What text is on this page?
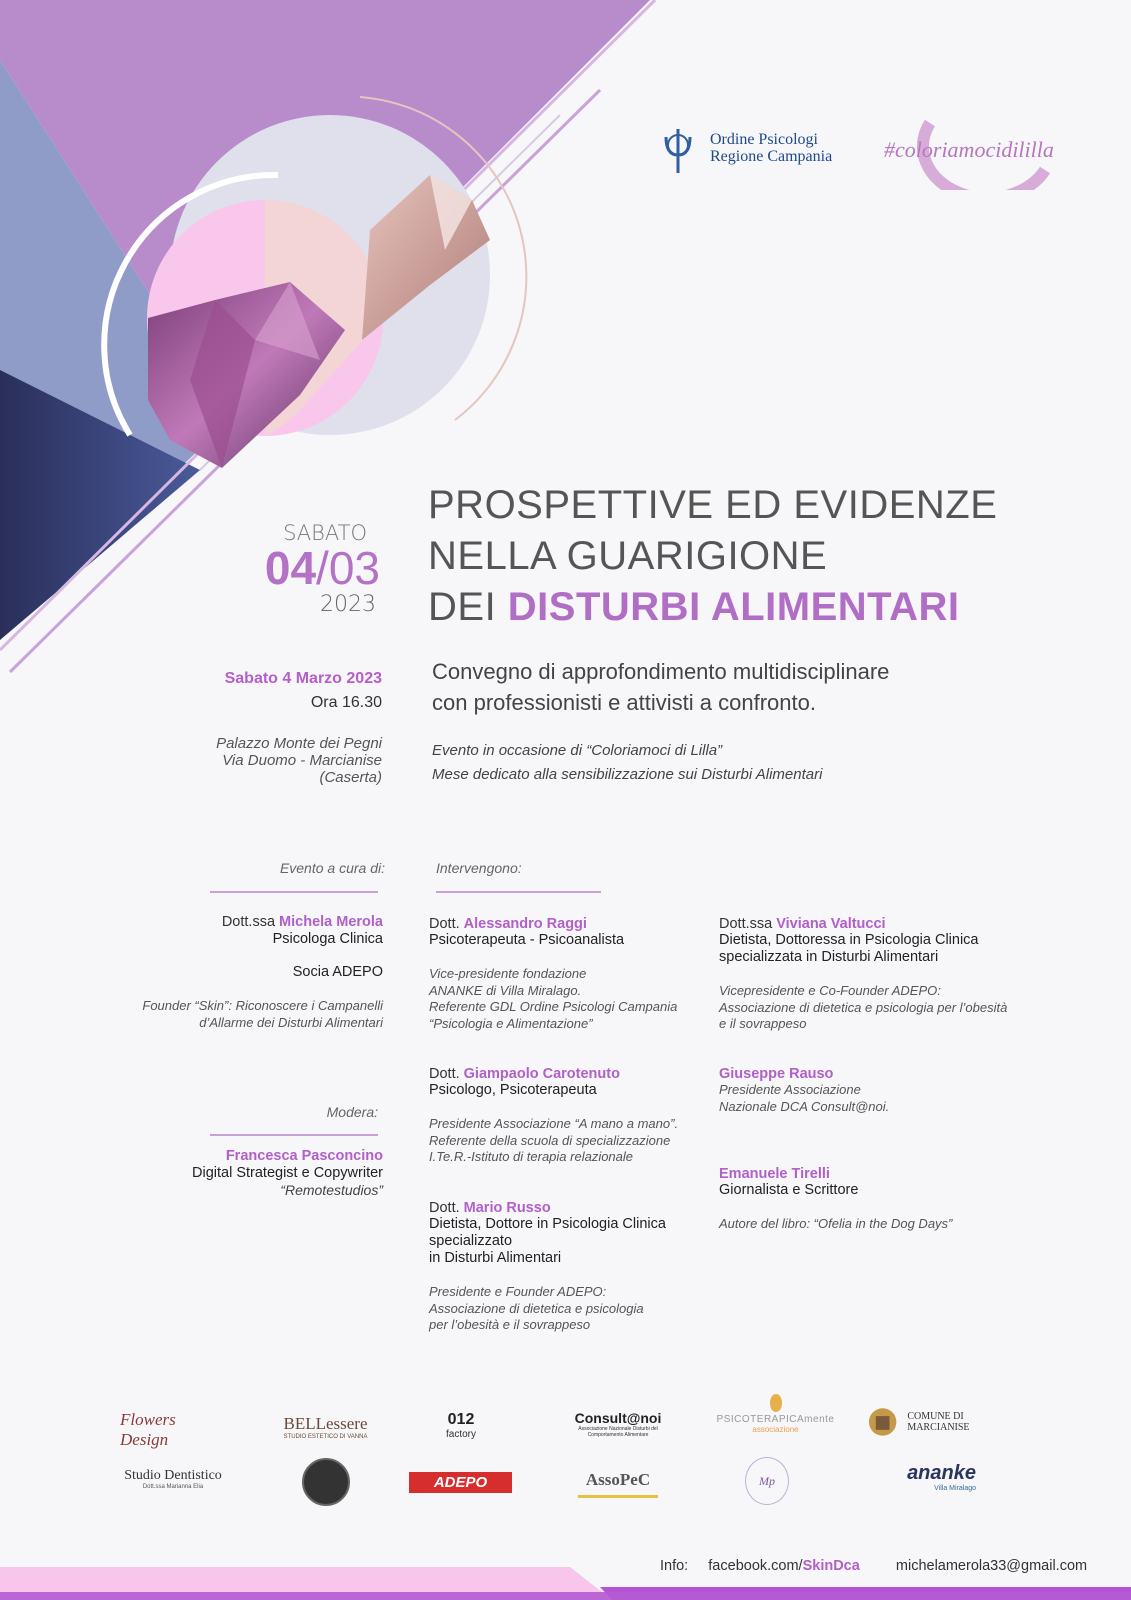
Ordine Psicologi
Regione Campania #coloriamocidililla
SABATO
04/03
2023
PROSPETTIVE ED EVIDENZE
NELLA GUARIGIONE
DEI DISTURBI ALIMENTARI
Sabato 4 Marzo 2023
Ora 16.30
Palazzo Monte dei Pegni
Via Duomo - Marcianise
(Caserta)
Convegno di approfondimento multidisciplinare
con professionisti e attivisti a confronto.
Evento in occasione di “Coloriamoci di Lilla”
Mese dedicato alla sensibilizzazione sui Disturbi Alimentari
Evento a cura di:
Dott.ssa Michela Merola
Psicologa Clinica
Socia ADEPO
Founder “Skin”: Riconoscere i Campanelli
d’Allarme dei Disturbi Alimentari
Modera:
Francesca Pasconcino
Digital Strategist e Copywriter
“Remotestudios”
Intervengono:
Dott. Alessandro Raggi
Psicoterapeuta - Psicoanalista
Vice-presidente fondazione
ANANKE di Villa Miralago.
Referente GDL Ordine Psicologi Campania
“Psicologia e Alimentazione”
Dott. Giampaolo Carotenuto
Psicologo, Psicoterapeuta
Presidente Associazione “A mano a mano”.
Referente della scuola di specializzazione
I.Te.R.-Istituto di terapia relazionale
Dott. Mario Russo
Dietista, Dottore in Psicologia Clinica
specializzato
in Disturbi Alimentari
Presidente e Founder ADEPO:
Associazione di dietetica e psicologia
per l’obesità e il sovrappeso
Dott.ssa Viviana Valtucci
Dietista, Dottoressa in Psicologia Clinica
specializzata in Disturbi Alimentari
Vicepresidente e Co-Founder ADEPO:
Associazione di dietetica e psicologia per l’obesità
e il sovrappeso
Giuseppe Rauso
Presidente Associazione
Nazionale DCA Consult@noi.
Emanuele Tirelli
Giornalista e Scrittore
Autore del libro: “Ofelia in the Dog Days”
Flowers Design
BELLessere
STUDIO ESTETICO DI VANNA
012
factory
Consult@noi
Associazione Nazionale Disturbi del Comportamento Alimentare
PSICOTERAPICAmente
associazione
COMUNE DI MARCIANISE
Studio Dentistico
Dott.ssa Marianna Elia	ADEPO	AssoPeC	Mp	ananke
Villa Miralago
Info: facebook.com/SkinDca michelamerola33@gmail.com
